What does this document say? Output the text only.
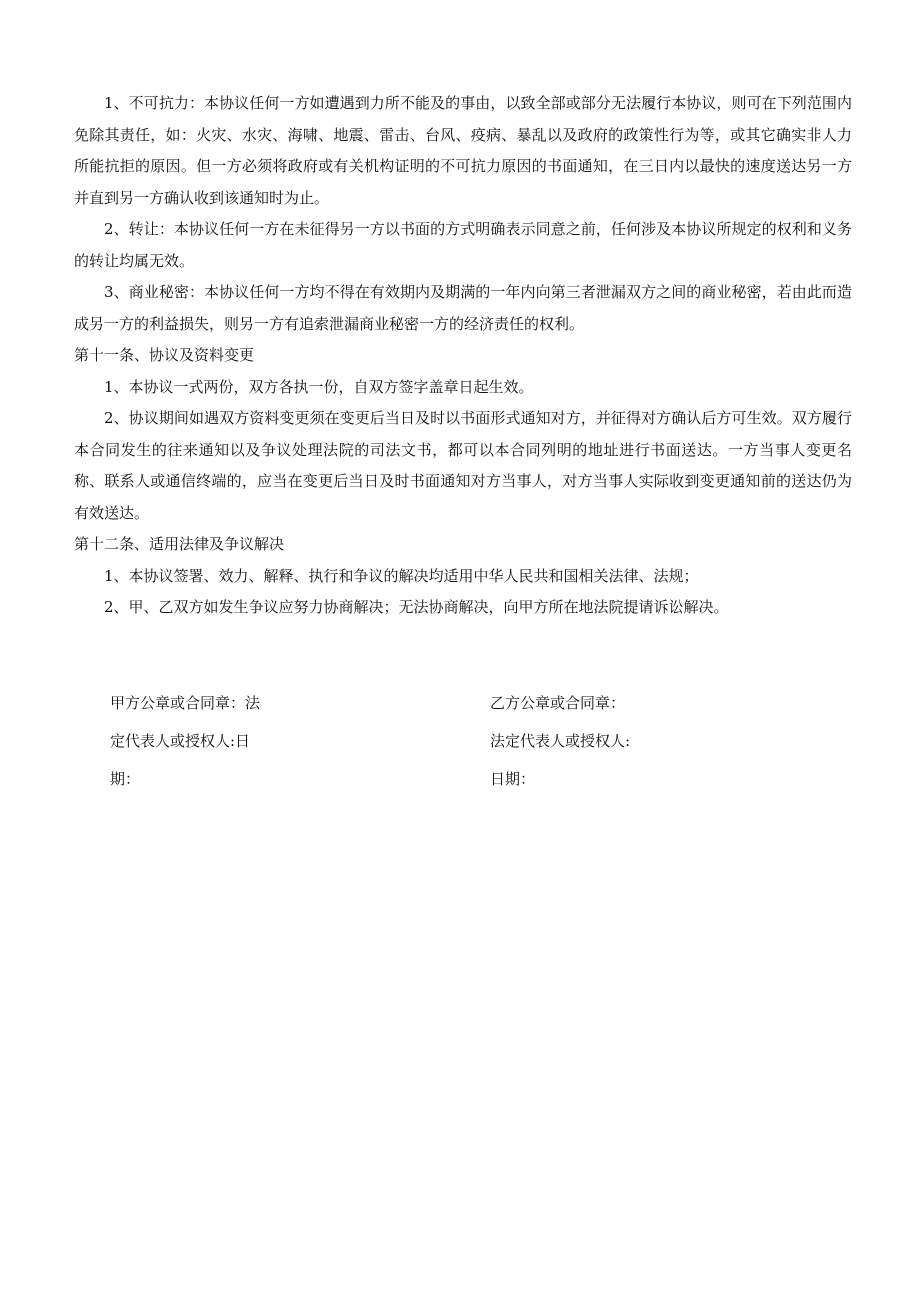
1、不可抗力：本协议任何一方如遭遇到力所不能及的事由，以致全部或部分无法履行本协议，则可在下列范围内免除其责任，如：火灾、水灾、海啸、地震、雷击、台风、疫病、暴乱以及政府的政策性行为等，或其它确实非人力所能抗拒的原因。但一方必须将政府或有关机构证明的不可抗力原因的书面通知，在三日内以最快的速度送达另一方并直到另一方确认收到该通知时为止。

2、转让：本协议任何一方在未征得另一方以书面的方式明确表示同意之前，任何涉及本协议所规定的权利和义务的转让均属无效。

3、商业秘密：本协议任何一方均不得在有效期内及期满的一年内向第三者泄漏双方之间的商业秘密，若由此而造成另一方的利益损失，则另一方有追索泄漏商业秘密一方的经济责任的权利。

第十一条、协议及资料变更

1、本协议一式两份，双方各执一份，自双方签字盖章日起生效。

2、协议期间如遇双方资料变更须在变更后当日及时以书面形式通知对方，并征得对方确认后方可生效。双方履行本合同发生的往来通知以及争议处理法院的司法文书，都可以本合同列明的地址进行书面送达。一方当事人变更名称、联系人或通信终端的，应当在变更后当日及时书面通知对方当事人，对方当事人实际收到变更通知前的送达仍为有效送达。

第十二条、适用法律及争议解决

1、本协议签署、效力、解释、执行和争议的解决均适用中华人民共和国相关法律、法规；

2、甲、乙双方如发生争议应努力协商解决；无法协商解决，向甲方所在地法院提请诉讼解决。

甲方公章或合同章：法
定代表人或授权人:日
期：
乙方公章或合同章：
法定代表人或授权人:
日期：
